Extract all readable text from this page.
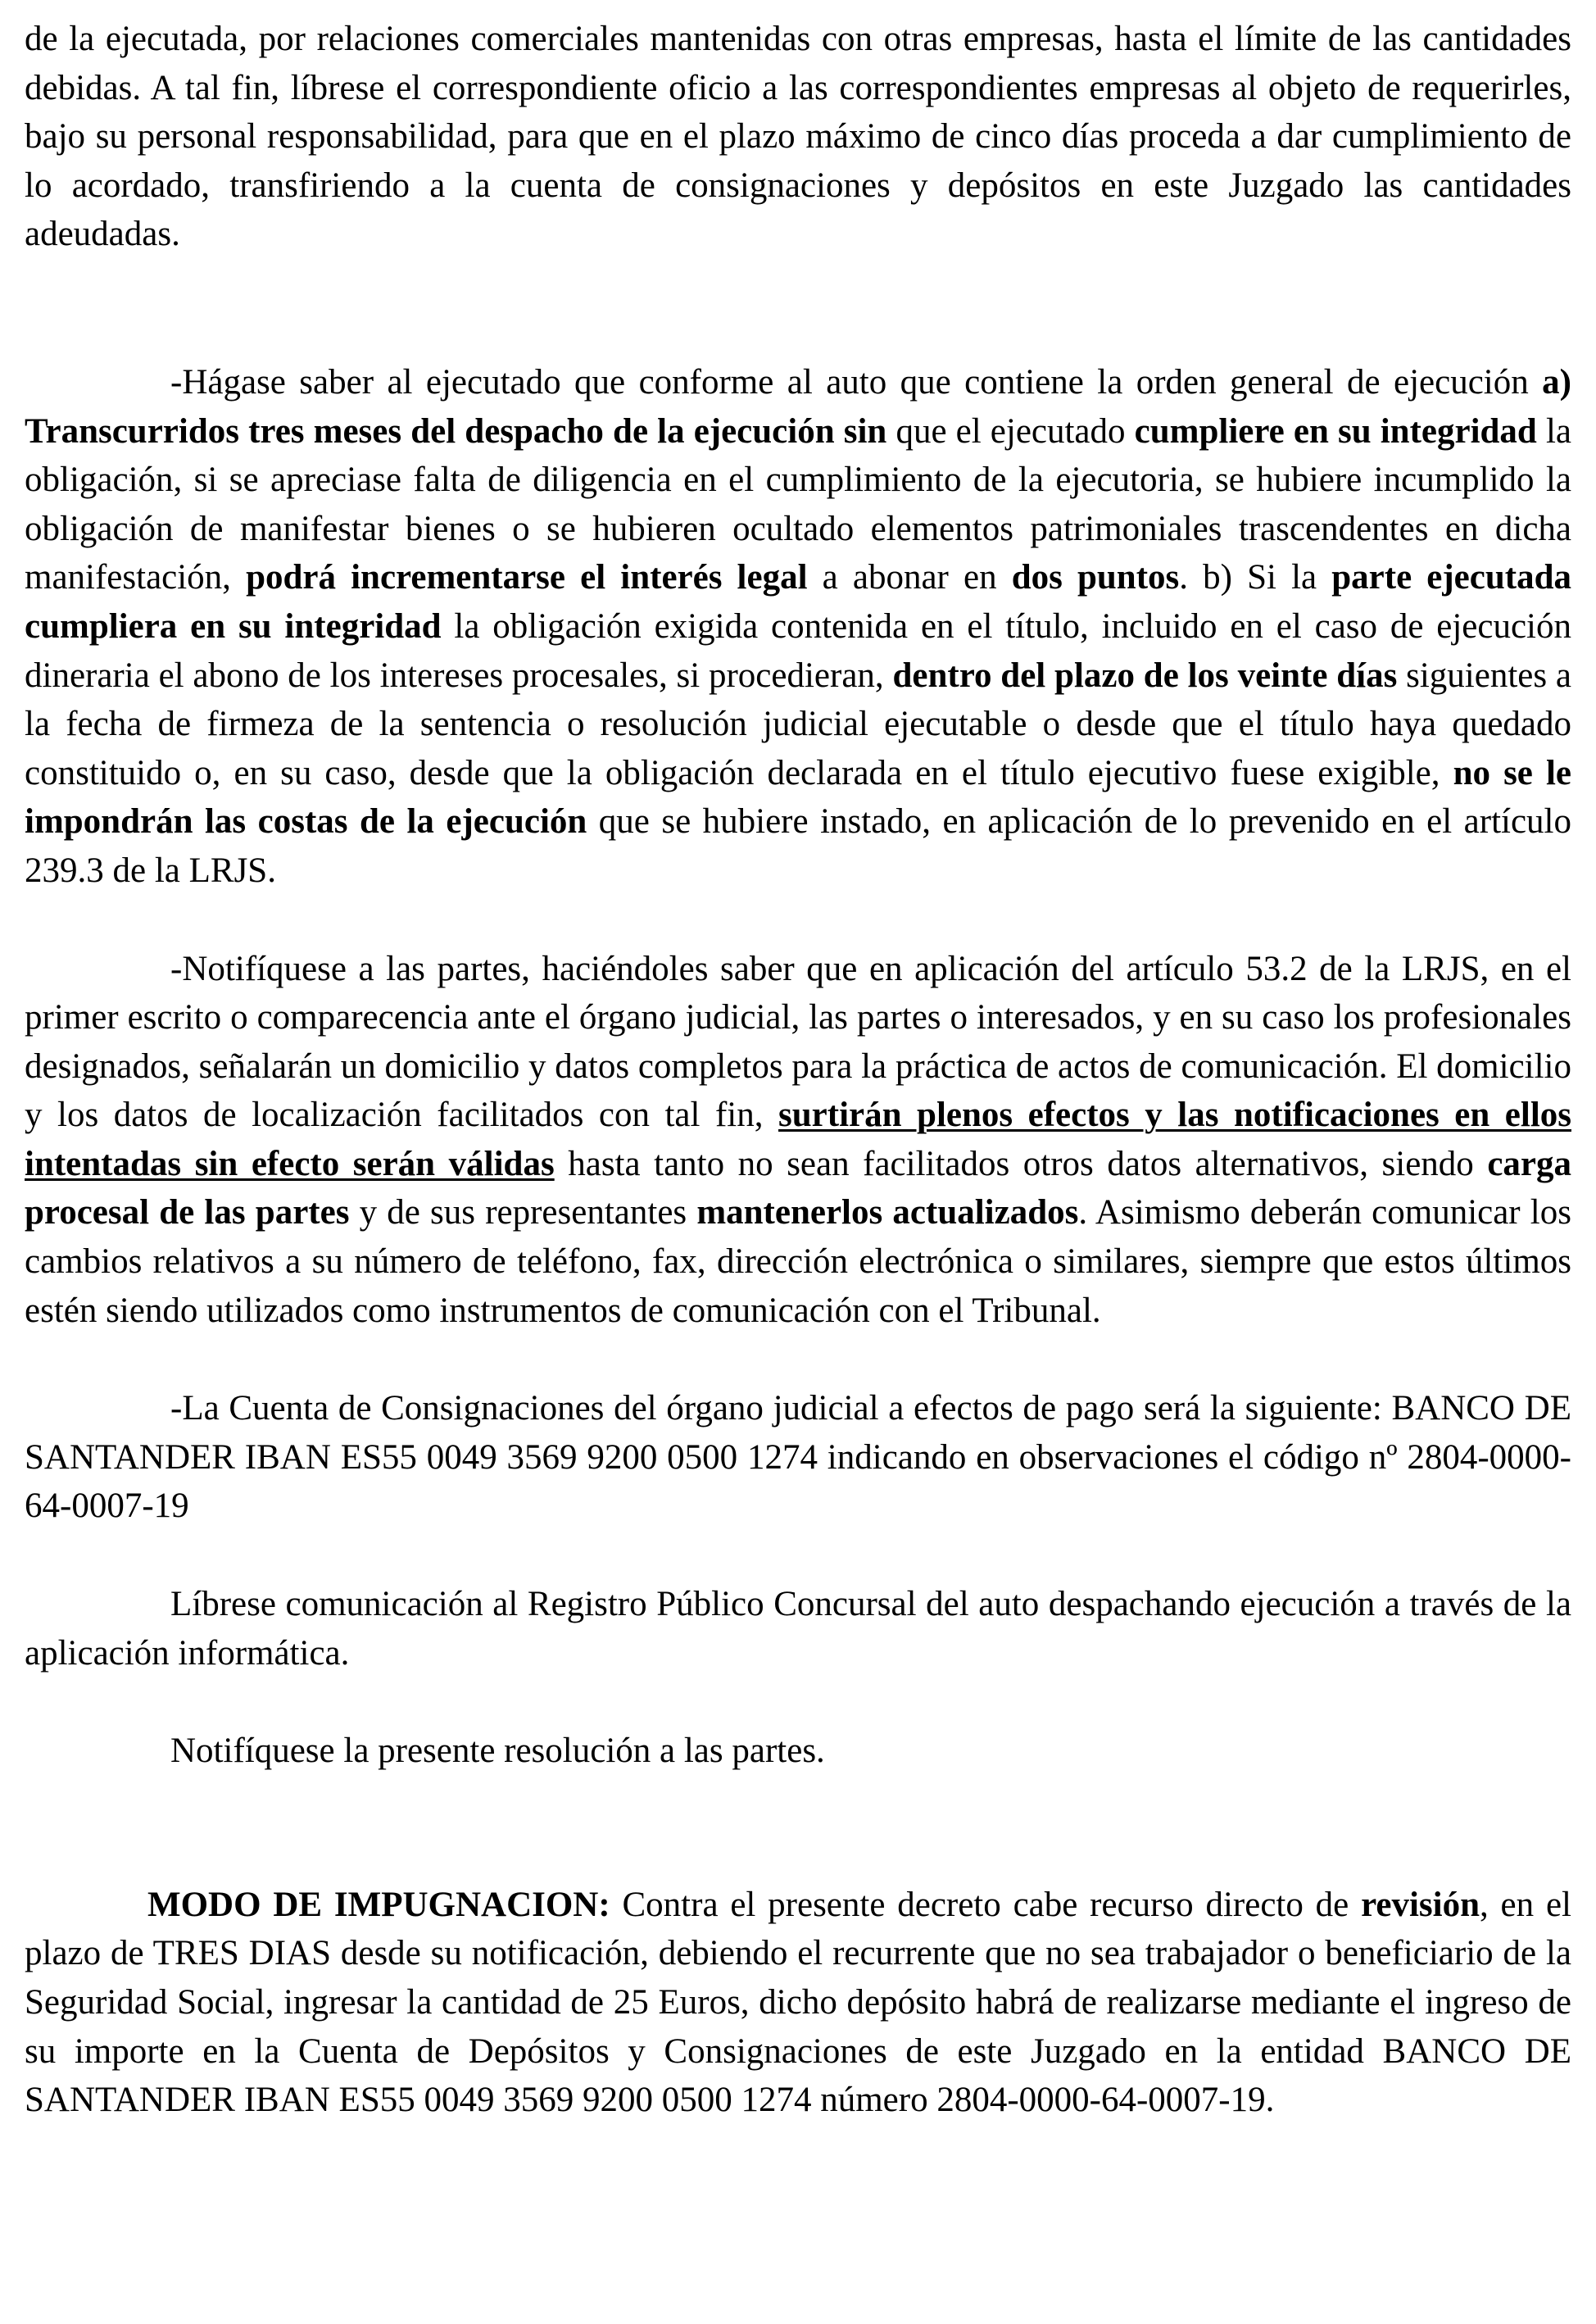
de la ejecutada, por relaciones comerciales mantenidas con otras empresas, hasta el límite de las cantidades debidas. A tal fin, líbrese el correspondiente oficio a las correspondientes empresas al objeto de requerirles, bajo su personal responsabilidad, para que en el plazo máximo de cinco días proceda a dar cumplimiento de lo acordado, transfiriendo a la cuenta de consignaciones y depósitos en este Juzgado las cantidades adeudadas.

-Hágase saber al ejecutado que conforme al auto que contiene la orden general de ejecución a) Transcurridos tres meses del despacho de la ejecución sin que el ejecutado cumpliere en su integridad la obligación, si se apreciase falta de diligencia en el cumplimiento de la ejecutoria, se hubiere incumplido la obligación de manifestar bienes o se hubieren ocultado elementos patrimoniales trascendentes en dicha manifestación, podrá incrementarse el interés legal a abonar en dos puntos. b) Si la parte ejecutada cumpliera en su integridad la obligación exigida contenida en el título, incluido en el caso de ejecución dineraria el abono de los intereses procesales, si procedieran, dentro del plazo de los veinte días siguientes a la fecha de firmeza de la sentencia o resolución judicial ejecutable o desde que el título haya quedado constituido o, en su caso, desde que la obligación declarada en el título ejecutivo fuese exigible, no se le impondrán las costas de la ejecución que se hubiere instado, en aplicación de lo prevenido en el artículo 239.3 de la LRJS.

-Notifíquese a las partes, haciéndoles saber que en aplicación del artículo 53.2 de la LRJS, en el primer escrito o comparecencia ante el órgano judicial, las partes o interesados, y en su caso los profesionales designados, señalarán un domicilio y datos completos para la práctica de actos de comunicación. El domicilio y los datos de localización facilitados con tal fin, surtirán plenos efectos y las notificaciones en ellos intentadas sin efecto serán válidas hasta tanto no sean facilitados otros datos alternativos, siendo carga procesal de las partes y de sus representantes mantenerlos actualizados. Asimismo deberán comunicar los cambios relativos a su número de teléfono, fax, dirección electrónica o similares, siempre que estos últimos estén siendo utilizados como instrumentos de comunicación con el Tribunal.

-La Cuenta de Consignaciones del órgano judicial a efectos de pago será la siguiente: BANCO DE SANTANDER IBAN ES55 0049 3569 9200 0500 1274 indicando en observaciones el código nº 2804-0000-64-0007-19

Líbrese comunicación al Registro Público Concursal del auto despachando ejecución a través de la aplicación informática.

Notifíquese la presente resolución a las partes.

MODO DE IMPUGNACION: Contra el presente decreto cabe recurso directo de revisión, en el plazo de TRES DIAS desde su notificación, debiendo el recurrente que no sea trabajador o beneficiario de la Seguridad Social, ingresar la cantidad de 25 Euros, dicho depósito habrá de realizarse mediante el ingreso de su importe en la Cuenta de Depósitos y Consignaciones de este Juzgado en la entidad BANCO DE SANTANDER IBAN ES55 0049 3569 9200 0500 1274 número 2804-0000-64-0007-19.
